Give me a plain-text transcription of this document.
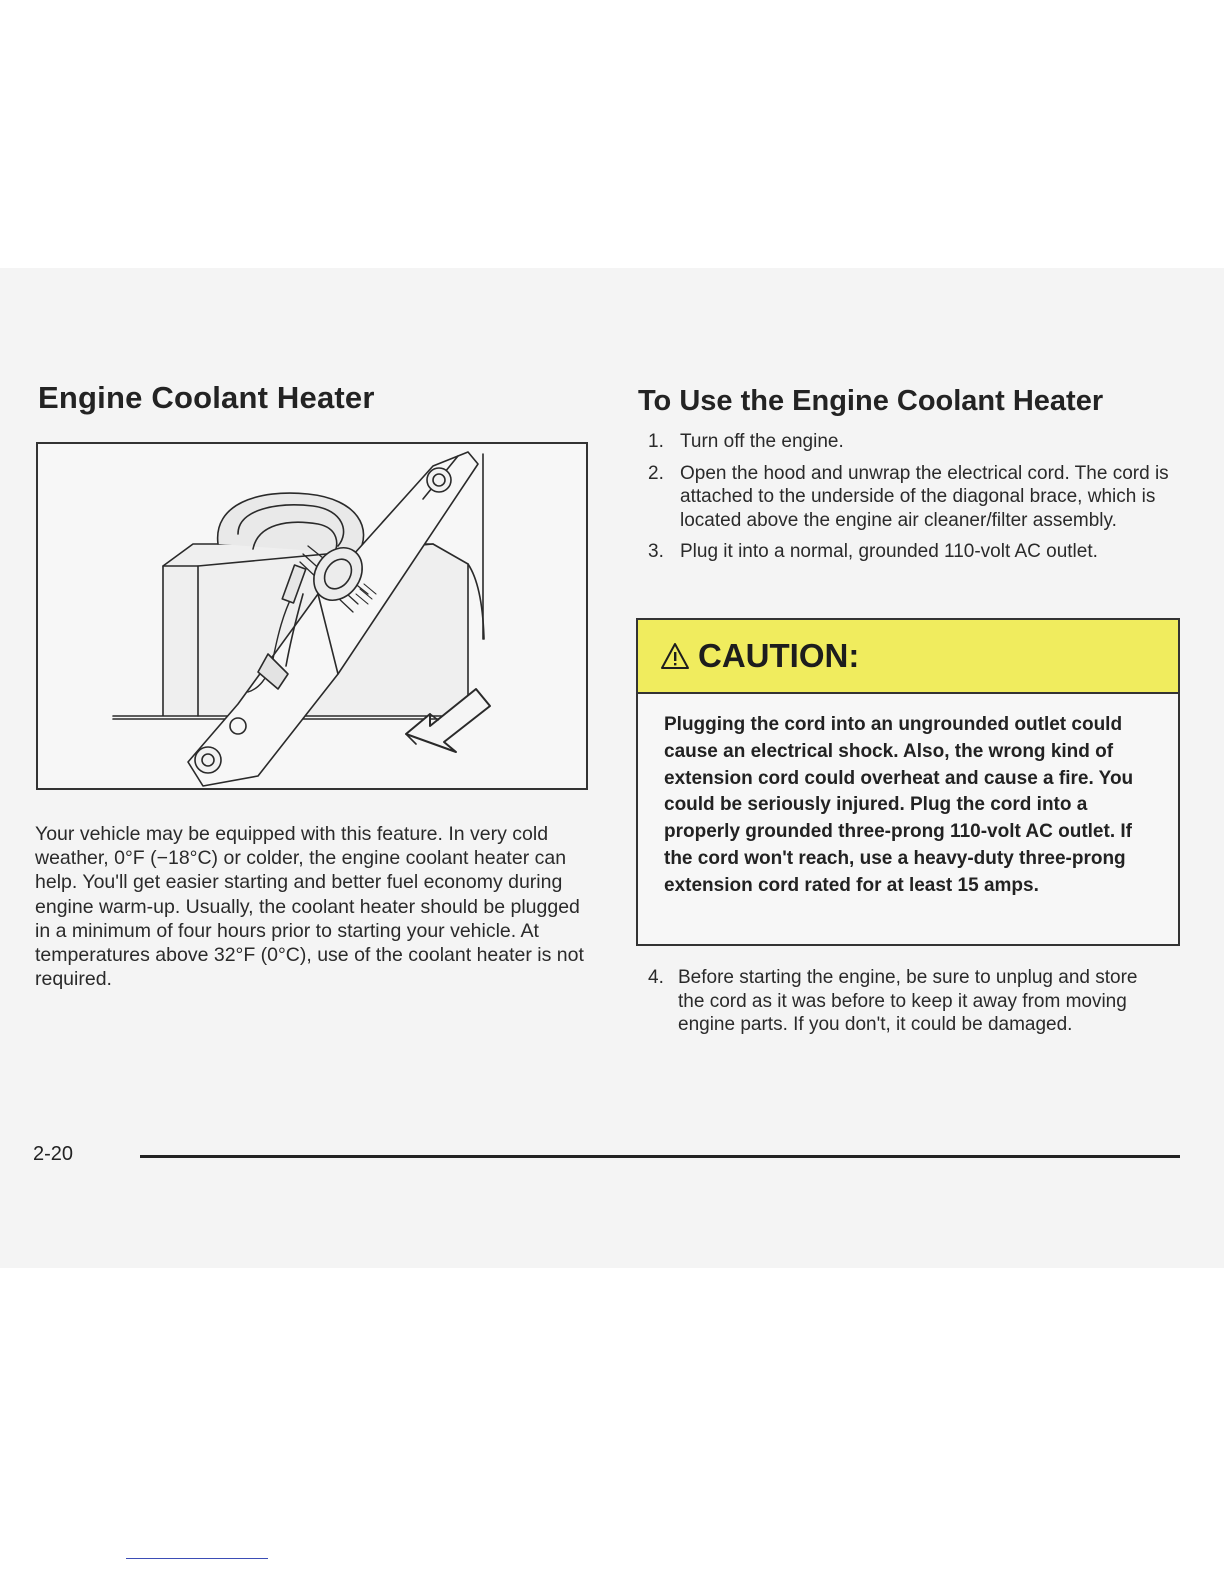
Engine Coolant Heater

Your vehicle may be equipped with this feature. In very cold weather, 0°F (−18°C) or colder, the engine coolant heater can help. You'll get easier starting and better fuel economy during engine warm-up. Usually, the coolant heater should be plugged in a minimum of four hours prior to starting your vehicle. At temperatures above 32°F (0°C), use of the coolant heater is not required.

To Use the Engine Coolant Heater
1. Turn off the engine.
2. Open the hood and unwrap the electrical cord. The cord is attached to the underside of the diagonal brace, which is located above the engine air cleaner/filter assembly.
3. Plug it into a normal, grounded 110-volt AC outlet.
CAUTION:

Plugging the cord into an ungrounded outlet could cause an electrical shock. Also, the wrong kind of extension cord could overheat and cause a fire. You could be seriously injured. Plug the cord into a properly grounded three-prong 110-volt AC outlet. If the cord won't reach, use a heavy-duty three-prong extension cord rated for at least 15 amps.

4. Before starting the engine, be sure to unplug and store the cord as it was before to keep it away from moving engine parts. If you don't, it could be damaged.
2-20
